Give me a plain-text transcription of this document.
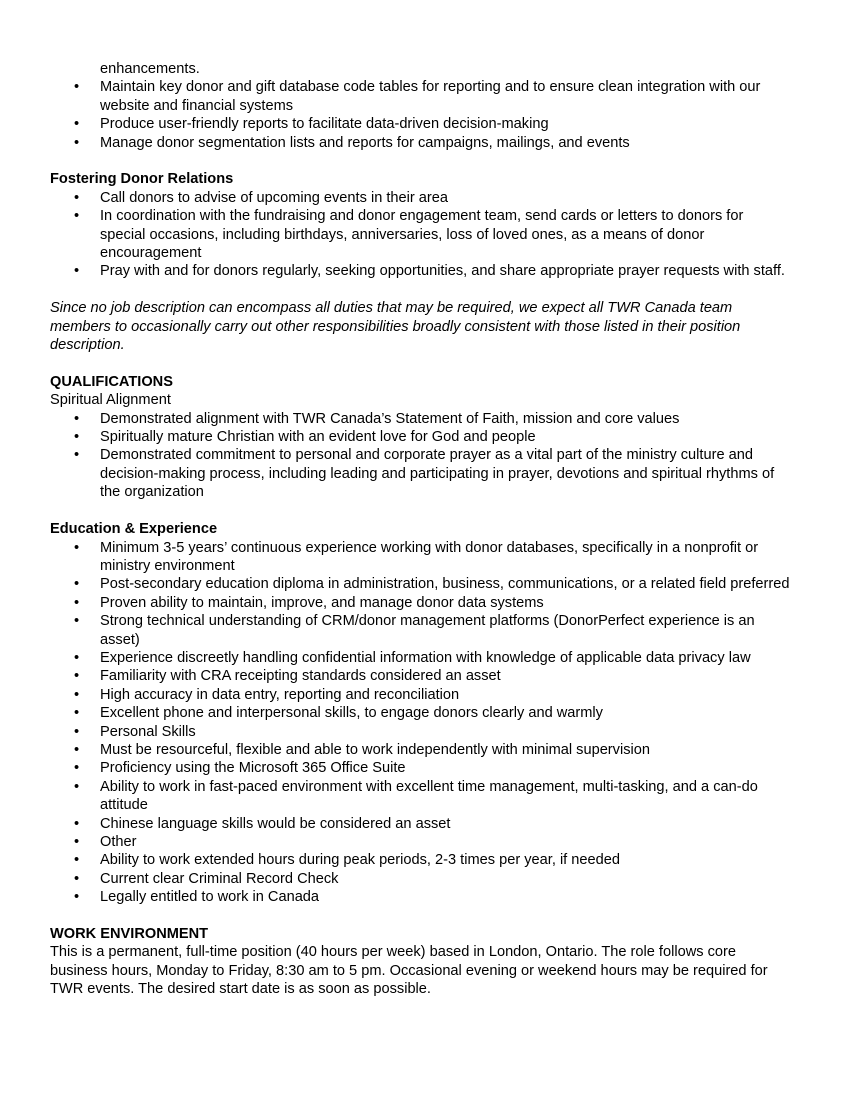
enhancements.

• Maintain key donor and gift database code tables for reporting and to ensure clean integration with our website and financial systems
• Produce user-friendly reports to facilitate data-driven decision-making
• Manage donor segmentation lists and reports for campaigns, mailings, and events

Fostering Donor Relations

• Call donors to advise of upcoming events in their area
• In coordination with the fundraising and donor engagement team, send cards or letters to donors for special occasions, including birthdays, anniversaries, loss of loved ones, as a means of donor encouragement
• Pray with and for donors regularly, seeking opportunities, and share appropriate prayer requests with staff.

Since no job description can encompass all duties that may be required, we expect all TWR Canada team members to occasionally carry out other responsibilities broadly consistent with those listed in their position description.

QUALIFICATIONS

Spiritual Alignment

• Demonstrated alignment with TWR Canada’s Statement of Faith, mission and core values
• Spiritually mature Christian with an evident love for God and people
• Demonstrated commitment to personal and corporate prayer as a vital part of the ministry culture and decision-making process, including leading and participating in prayer, devotions and spiritual rhythms of the organization

Education & Experience

• Minimum 3-5 years’ continuous experience working with donor databases, specifically in a nonprofit or ministry environment
• Post-secondary education diploma in administration, business, communications, or a related field preferred
• Proven ability to maintain, improve, and manage donor data systems
• Strong technical understanding of CRM/donor management platforms (DonorPerfect experience is an asset)
• Experience discreetly handling confidential information with knowledge of applicable data privacy law
• Familiarity with CRA receipting standards considered an asset
• High accuracy in data entry, reporting and reconciliation
• Excellent phone and interpersonal skills, to engage donors clearly and warmly
• Personal Skills
• Must be resourceful, flexible and able to work independently with minimal supervision
• Proficiency using the Microsoft 365 Office Suite
• Ability to work in fast-paced environment with excellent time management, multi-tasking, and a can-do attitude
• Chinese language skills would be considered an asset
• Other
• Ability to work extended hours during peak periods, 2-3 times per year, if needed
• Current clear Criminal Record Check
• Legally entitled to work in Canada

WORK ENVIRONMENT

This is a permanent, full-time position (40 hours per week) based in London, Ontario. The role follows core business hours, Monday to Friday, 8:30 am to 5 pm. Occasional evening or weekend hours may be required for TWR events. The desired start date is as soon as possible.
